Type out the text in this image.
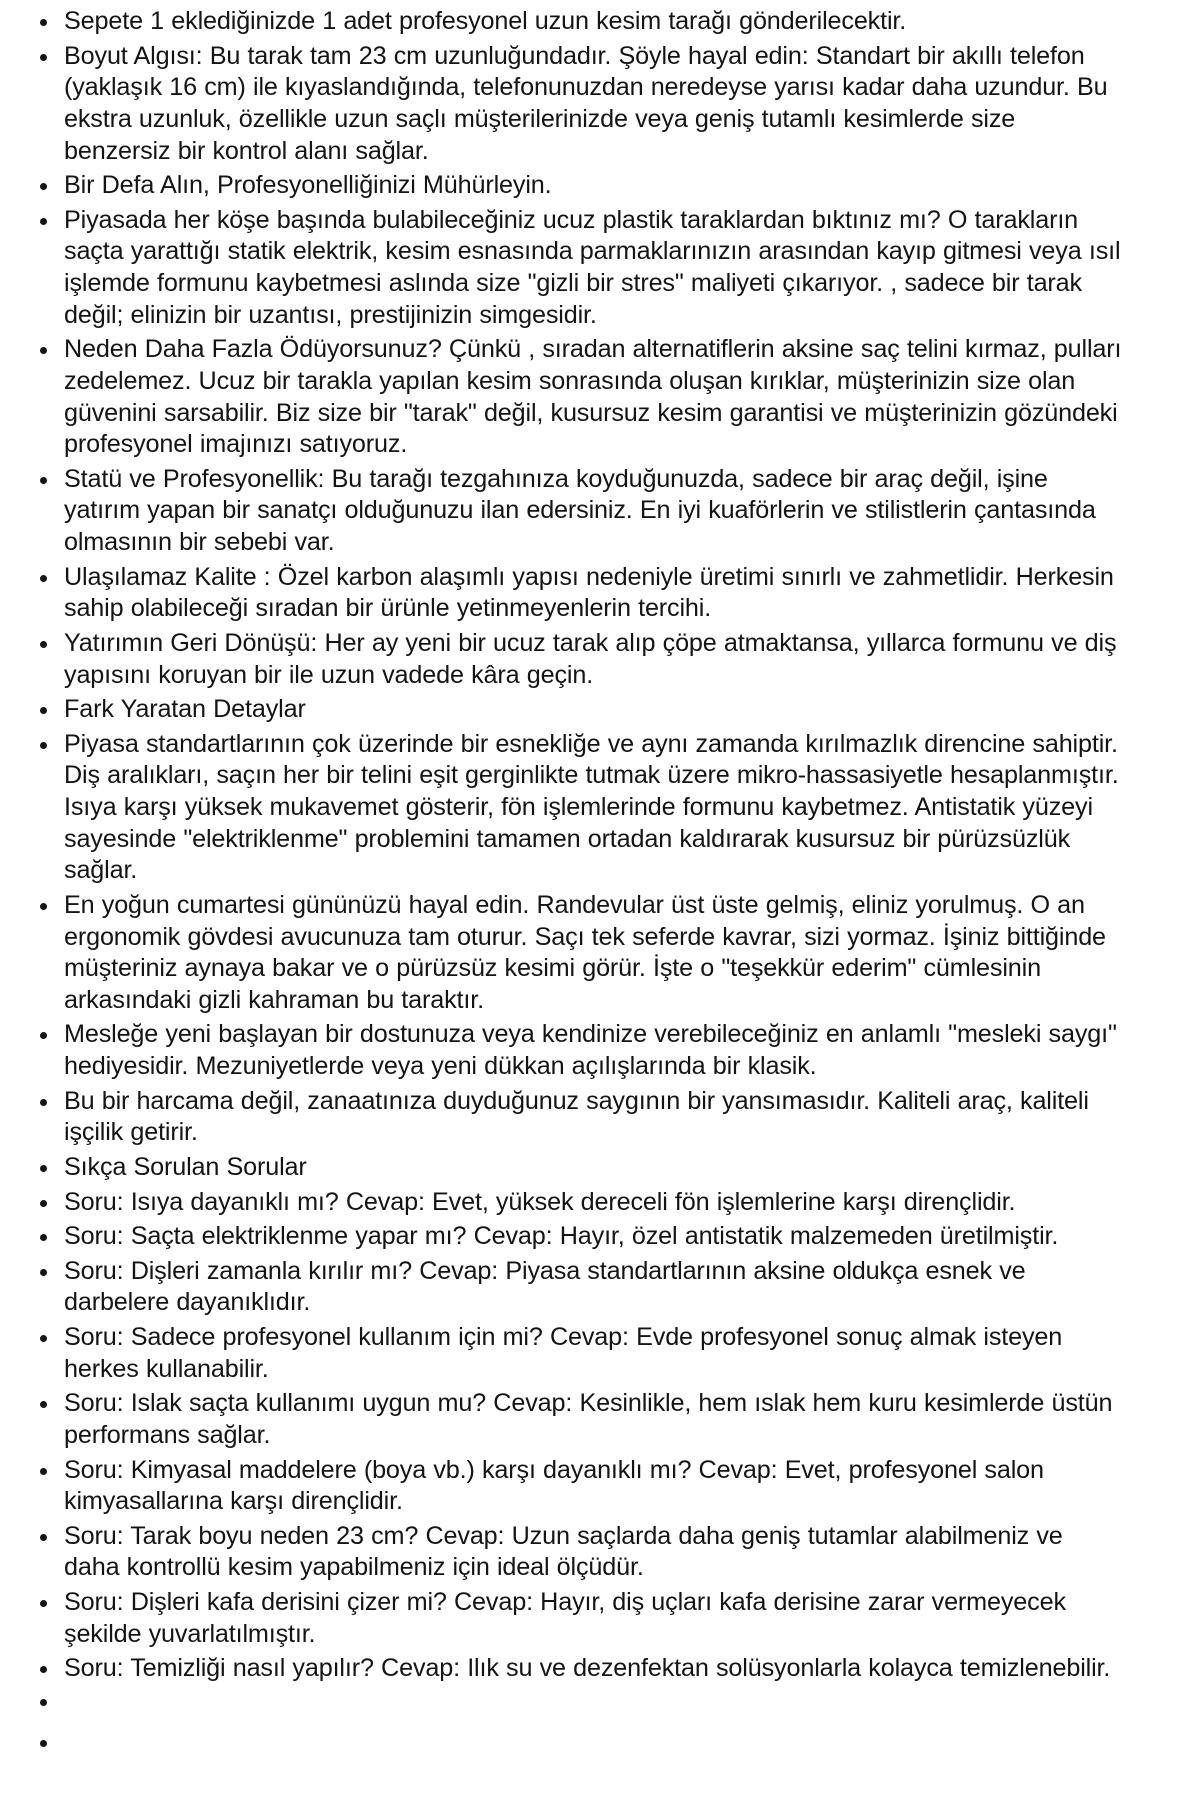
Sepete 1 eklediğinizde 1 adet profesyonel uzun kesim tarağı gönderilecektir.
Boyut Algısı: Bu tarak tam 23 cm uzunluğundadır. Şöyle hayal edin: Standart bir akıllı telefon (yaklaşık 16 cm) ile kıyaslandığında, telefonunuzdan neredeyse yarısı kadar daha uzundur. Bu ekstra uzunluk, özellikle uzun saçlı müşterilerinizde veya geniş tutamlı kesimlerde size benzersiz bir kontrol alanı sağlar.
Bir Defa Alın, Profesyonelliğinizi Mühürleyin.
Piyasada her köşe başında bulabileceğiniz ucuz plastik taraklardan bıktınız mı? O tarakların saçta yarattığı statik elektrik, kesim esnasında parmaklarınızın arasından kayıp gitmesi veya ısıl işlemde formunu kaybetmesi aslında size "gizli bir stres" maliyeti çıkarıyor. , sadece bir tarak değil; elinizin bir uzantısı, prestijinizin simgesidir.
Neden Daha Fazla Ödüyorsunuz? Çünkü , sıradan alternatiflerin aksine saç telini kırmaz, pulları zedelemez. Ucuz bir tarakla yapılan kesim sonrasında oluşan kırıklar, müşterinizin size olan güvenini sarsabilir. Biz size bir "tarak" değil, kusursuz kesim garantisi ve müşterinizin gözündeki profesyonel imajınızı satıyoruz.
Statü ve Profesyonellik: Bu tarağı tezgahınıza koyduğunuzda, sadece bir araç değil, işine yatırım yapan bir sanatçı olduğunuzu ilan edersiniz. En iyi kuaförlerin ve stilistlerin çantasında olmasının bir sebebi var.
Ulaşılamaz Kalite : Özel karbon alaşımlı yapısı nedeniyle üretimi sınırlı ve zahmetlidir. Herkesin sahip olabileceği sıradan bir ürünle yetinmeyenlerin tercihi.
Yatırımın Geri Dönüşü: Her ay yeni bir ucuz tarak alıp çöpe atmaktansa, yıllarca formunu ve diş yapısını koruyan bir ile uzun vadede kâra geçin.
Fark Yaratan Detaylar
Piyasa standartlarının çok üzerinde bir esnekliğe ve aynı zamanda kırılmazlık direncine sahiptir. Diş aralıkları, saçın her bir telini eşit gerginlikte tutmak üzere mikro-hassasiyetle hesaplanmıştır. Isıya karşı yüksek mukavemet gösterir, fön işlemlerinde formunu kaybetmez. Antistatik yüzeyi sayesinde "elektriklenme" problemini tamamen ortadan kaldırarak kusursuz bir pürüzsüzlük sağlar.
En yoğun cumartesi gününüzü hayal edin. Randevular üst üste gelmiş, eliniz yorulmuş. O an ergonomik gövdesi avucunuza tam oturur. Saçı tek seferde kavrar, sizi yormaz. İşiniz bittiğinde müşteriniz aynaya bakar ve o pürüzsüz kesimi görür. İşte o "teşekkür ederim" cümlesinin arkasındaki gizli kahraman bu taraktır.
Mesleğe yeni başlayan bir dostunuza veya kendinize verebileceğiniz en anlamlı "mesleki saygı" hediyesidir. Mezuniyetlerde veya yeni dükkan açılışlarında bir klasik.
Bu bir harcama değil, zanaatınıza duyduğunuz saygının bir yansımasıdır. Kaliteli araç, kaliteli işçilik getirir.
Sıkça Sorulan Sorular
Soru: Isıya dayanıklı mı? Cevap: Evet, yüksek dereceli fön işlemlerine karşı dirençlidir.
Soru: Saçta elektriklenme yapar mı? Cevap: Hayır, özel antistatik malzemeden üretilmiştir.
Soru: Dişleri zamanla kırılır mı? Cevap: Piyasa standartlarının aksine oldukça esnek ve darbelere dayanıklıdır.
Soru: Sadece profesyonel kullanım için mi? Cevap: Evde profesyonel sonuç almak isteyen herkes kullanabilir.
Soru: Islak saçta kullanımı uygun mu? Cevap: Kesinlikle, hem ıslak hem kuru kesimlerde üstün performans sağlar.
Soru: Kimyasal maddelere (boya vb.) karşı dayanıklı mı? Cevap: Evet, profesyonel salon kimyasallarına karşı dirençlidir.
Soru: Tarak boyu neden 23 cm? Cevap: Uzun saçlarda daha geniş tutamlar alabilmeniz ve daha kontrollü kesim yapabilmeniz için ideal ölçüdür.
Soru: Dişleri kafa derisini çizer mi? Cevap: Hayır, diş uçları kafa derisine zarar vermeyecek şekilde yuvarlatılmıştır.
Soru: Temizliği nasıl yapılır? Cevap: Ilık su ve dezenfektan solüsyonlarla kolayca temizlenebilir.
